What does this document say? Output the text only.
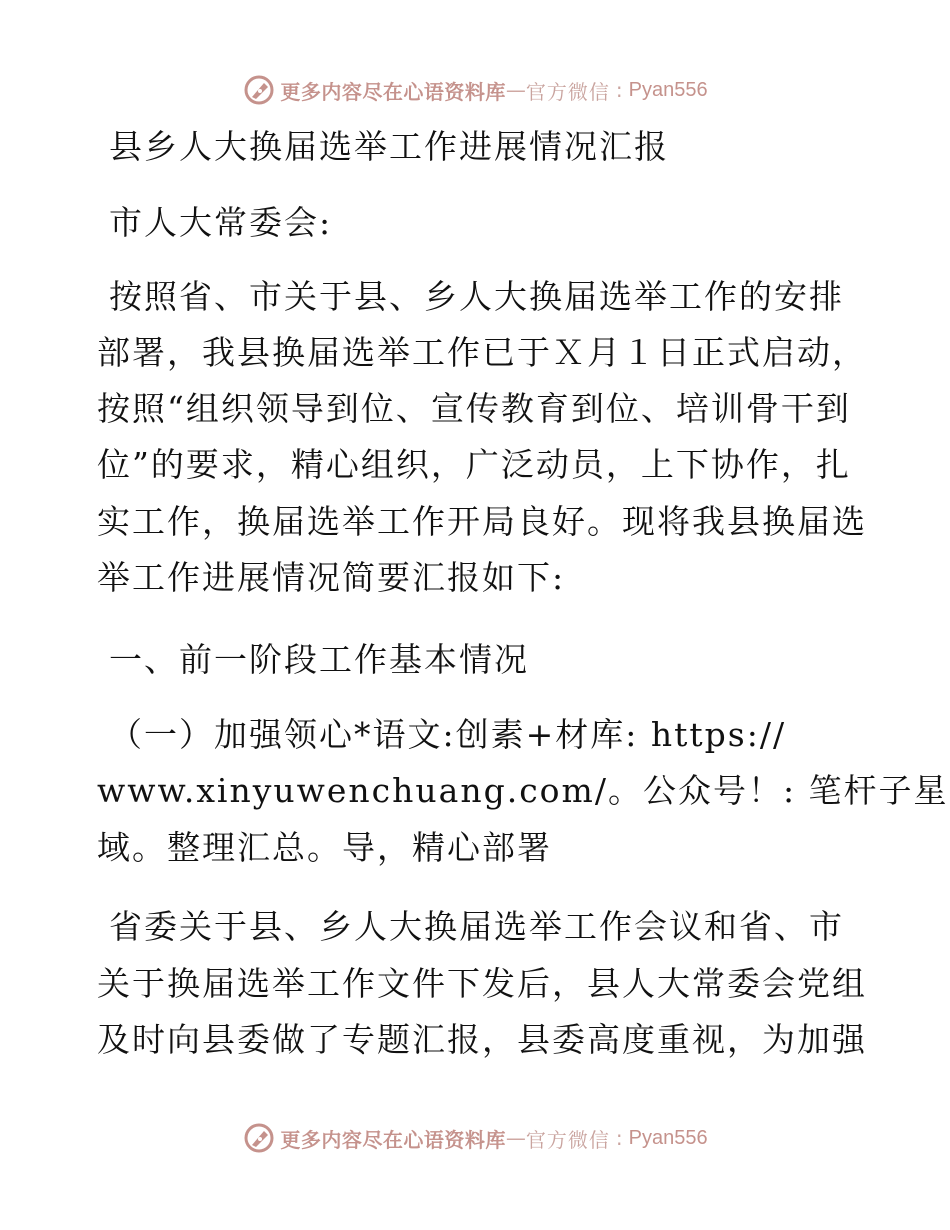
更多内容尽在心语资料库 — 官方微信 : Pyan556
县乡人大换届选举工作进展情况汇报
市人大常委会:
按照省、市关于县、乡人大换届选举工作的安排
部署，我县换届选举工作已于Ｘ月１日正式启动，
按照“组织领导到位、宣传教育到位、培训骨干到
位”的要求，精心组织，广泛动员，上下协作，扎
实工作，换届选举工作开局良好。现将我县换届选
举工作进展情况简要汇报如下:
一、前一阶段工作基本情况
（一）加强领心*语文:创素+材库: https://
www.xinyuwenchuang.com/。公众号！: 笔杆子星
域。整理汇总。导，精心部署
省委关于县、乡人大换届选举工作会议和省、市
关于换届选举工作文件下发后，县人大常委会党组
及时向县委做了专题汇报，县委高度重视，为加强
更多内容尽在心语资料库 — 官方微信 : Pyan556
